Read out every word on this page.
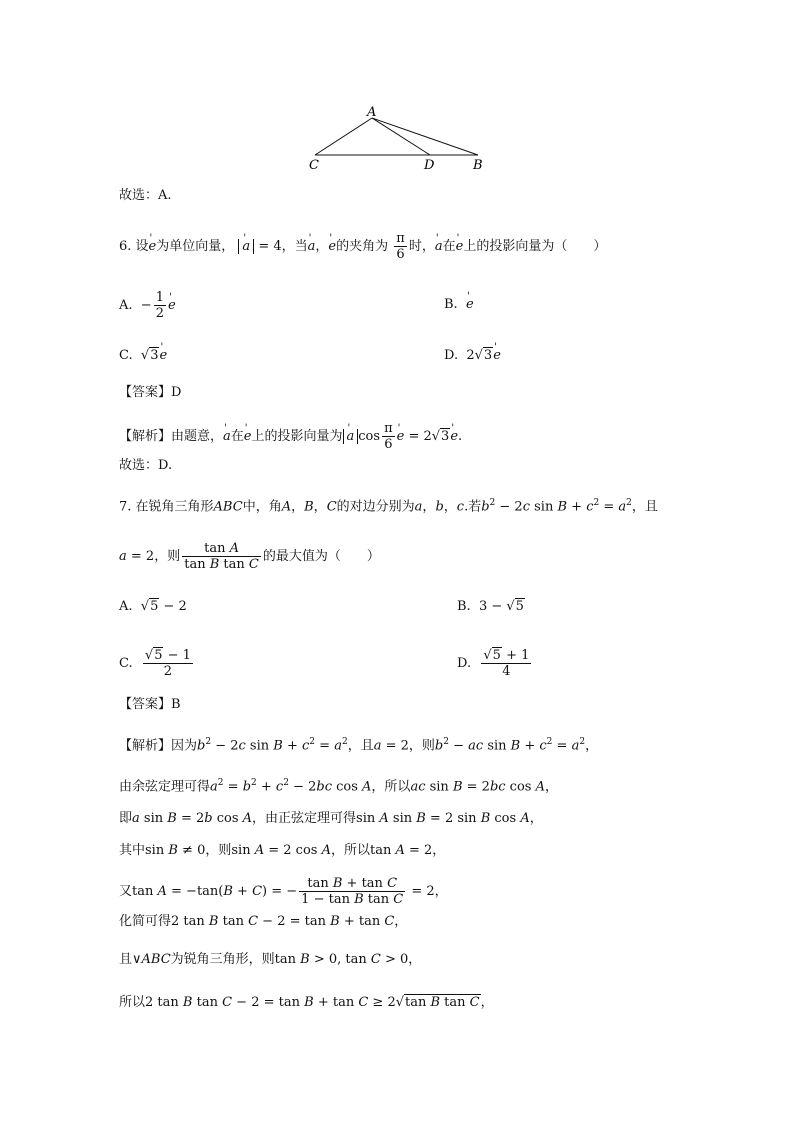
A
C	D	B
故选：A.
6. 设' e为单位向量， ' a = 4，当' a，' e的夹角为 $\frac{\pi}{6}$ 时，' a在' e上的投影向量为（　　）
A.  − $\frac{1}{2}$ ' e	B. ' e
C.  √3' e	D.  2√3' e
【答案】D
【解析】由题意，' a在' e上的投影向量为 ' a $\cos \frac{\pi}{6}$ ' e = 2√3' e.
故选：D.
7. 在锐角三角形ABC中，角A，B，C的对边分别为a，b，c.若$b^2 - 2c$ $\sin B + c^2 = a^2$，且
a = 2，则 $\frac{\text{tan A}}{\text{tan B tan C}}$ 的最大值为（　　）
A.  √5 − 2	B.  3 − √5
C. $\frac{√5 - 1}{2}$	D. $\frac{√5 + 1}{4}$
【答案】B
【解析】因为$b^2 - 2c$ $\sin B + c^2 = a^2$，且a = 2，则$b^2$ − ac $\sin B + c^2 = a^2$，
由余弦定理可得$a^2 = b^2 + c^2 - 2bc$ cos A，所以ac sin B = 2bc cos A，
即a sin B = 2b cos A，由正弦定理可得sin A sin B = 2 sin B cos A，
其中sin B ≠ 0，则sin A = 2 cos A，所以tan A = 2，
又tan A = −tan(B + C) = − $\frac{\text{tan B + tan C}}{\text{1 − tan B tan C}} = 2$，
化简可得2 tan B tan C − 2 = tan B + tan C，
且∨ABC为锐角三角形，则tan B > 0, tan C > 0，
所以2 tan B tan C − 2 = tan B + tan C ≥ 2√tan B tan C，
